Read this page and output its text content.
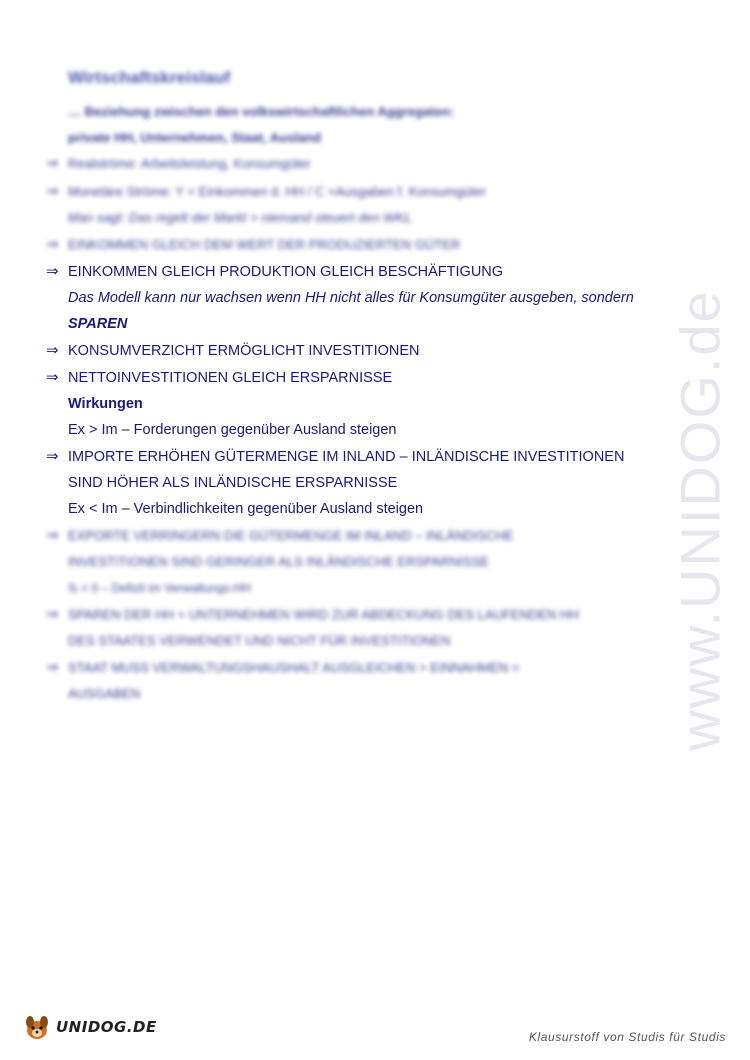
www.UNIDOG.de
Wirtschaftskreislauf
… Beziehung zwischen den volkswirtschaftlichen Aggregaten:
private HH, Unternehmen, Staat, Ausland
⇒ Realströme: Arbeitsleistung, Konsumgüter
⇒ Monetäre Ströme: Y = Einkommen d. HH / C =Ausgaben f. Konsumgüter
Man sagt: Das regelt der Markt > niemand steuert den WKL
⇒ EINKOMMEN GLEICH DEM WERT DER PRODUZIERTEN GÜTER
⇒ EINKOMMEN GLEICH PRODUKTION GLEICH BESCHÄFTIGUNG
Das Modell kann nur wachsen wenn HH nicht alles für Konsumgüter ausgeben, sondern
SPAREN
⇒ KONSUMVERZICHT ERMÖGLICHT INVESTITIONEN
⇒ NETTOINVESTITIONEN GLEICH ERSPARNISSE
Wirkungen
Ex > Im – Forderungen gegenüber Ausland steigen
⇒ IMPORTE ERHÖHEN GÜTERMENGE IM INLAND – INLÄNDISCHE INVESTITIONEN
SIND HÖHER ALS INLÄNDISCHE ERSPARNISSE
Ex < Im – Verbindlichkeiten gegenüber Ausland steigen
⇒ EXPORTE VERRINGERN DIE GÜTERMENGE IM INLAND – INLÄNDISCHE
INVESTITIONEN SIND GERINGER ALS INLÄNDISCHE ERSPARNISSE
Sᵢ < 0 – Defizit im Verwaltungs-HH
⇒ SPAREN DER HH + UNTERNEHMEN WIRD ZUR ABDECKUNG DES LAUFENDEN HH
DES STAATES VERWENDET UND NICHT FÜR INVESTITIONEN
⇒ STAAT MUSS VERWALTUNGSHAUSHALT AUSGLEICHEN > EINNAHMEN =
AUSGABEN
UNIDOG.DE
Klausurstoff von Studis für Studis
